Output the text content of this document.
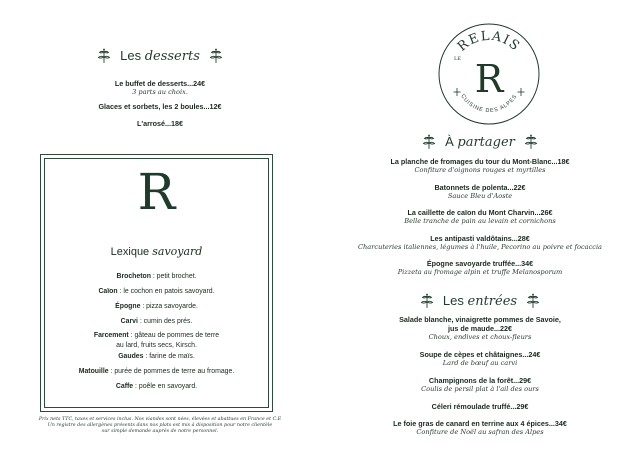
Les desserts
Le buffet de desserts...24€
3 parts au choix.
Glaces et sorbets, les 2 boules...12€
L'arrosé...18€
R
Lexique savoyard
Brocheton : petit brochet.
Caïon : le cochon en patois savoyard.
Épogne : pizza savoyarde.
Carvi : cumin des prés.
Farcement : gâteau de pommes de terre
au lard, fruits secs, Kirsch.
Gaudes : farine de maïs.
Matouille : purée de pommes de terre au fromage.
Caffe : poêle en savoyard.
Prix nets TTC, taxes et services inclus. Nos viandes sont nées, élevées et abattues en France et C.E
Un registre des allergènes présents dans nos plats est mis à disposition pour notre clientèle
sur simple demande auprès de notre personnel.
RELAIS
LE R
CUISINE DES ALPES
À partager
La planche de fromages du tour du Mont-Blanc...18€
Confiture d'oignons rouges et myrtilles
Batonnets de polenta...22€
Sauce Bleu d'Aoste
La caillette de caïon du Mont Charvin...26€
Belle tranche de pain au levain et cornichons
Les antipasti valdôtains...28€
Charcuteries italiennes, légumes à l'huile, Pecorino au poivre et focaccia
Épogne savoyarde truffée...34€
Pizzeta au fromage alpin et truffe Melanosporum
Les entrées
Salade blanche, vinaigrette pommes de Savoie,
jus de maude...22€
Choux, endives et choux-fleurs
Soupe de cèpes et châtaignes...24€
Lard de bœuf au carvi
Champignons de la forêt...29€
Coulis de persil plat à l'ail des ours
Céleri rémoulade truffé...29€
Le foie gras de canard en terrine aux 4 épices...34€
Confiture de Noël au safran des Alpes
